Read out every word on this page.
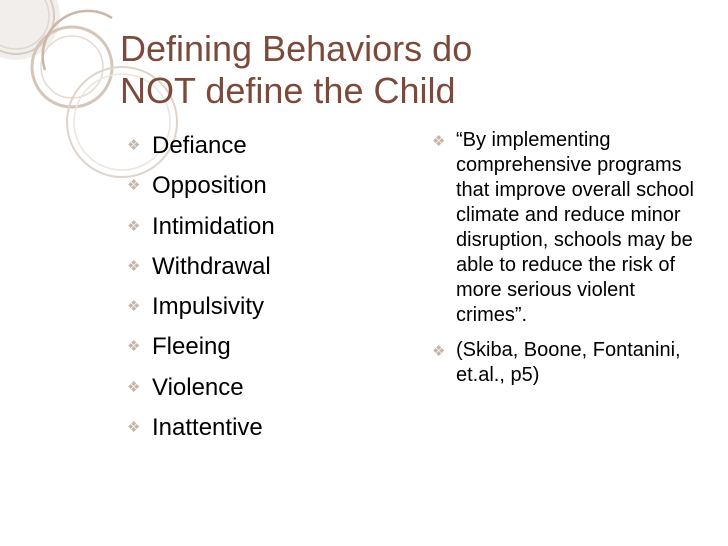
Defining Behaviors do
NOT define the Child
❖ Defiance
❖ Opposition
❖ Intimidation
❖ Withdrawal
❖ Impulsivity
❖ Fleeing
❖ Violence
❖ Inattentive
❖ “By implementing comprehensive programs that improve overall school climate and reduce minor disruption, schools may be able to reduce the risk of more serious violent crimes”.
❖ (Skiba, Boone, Fontanini, et.al., p5)
